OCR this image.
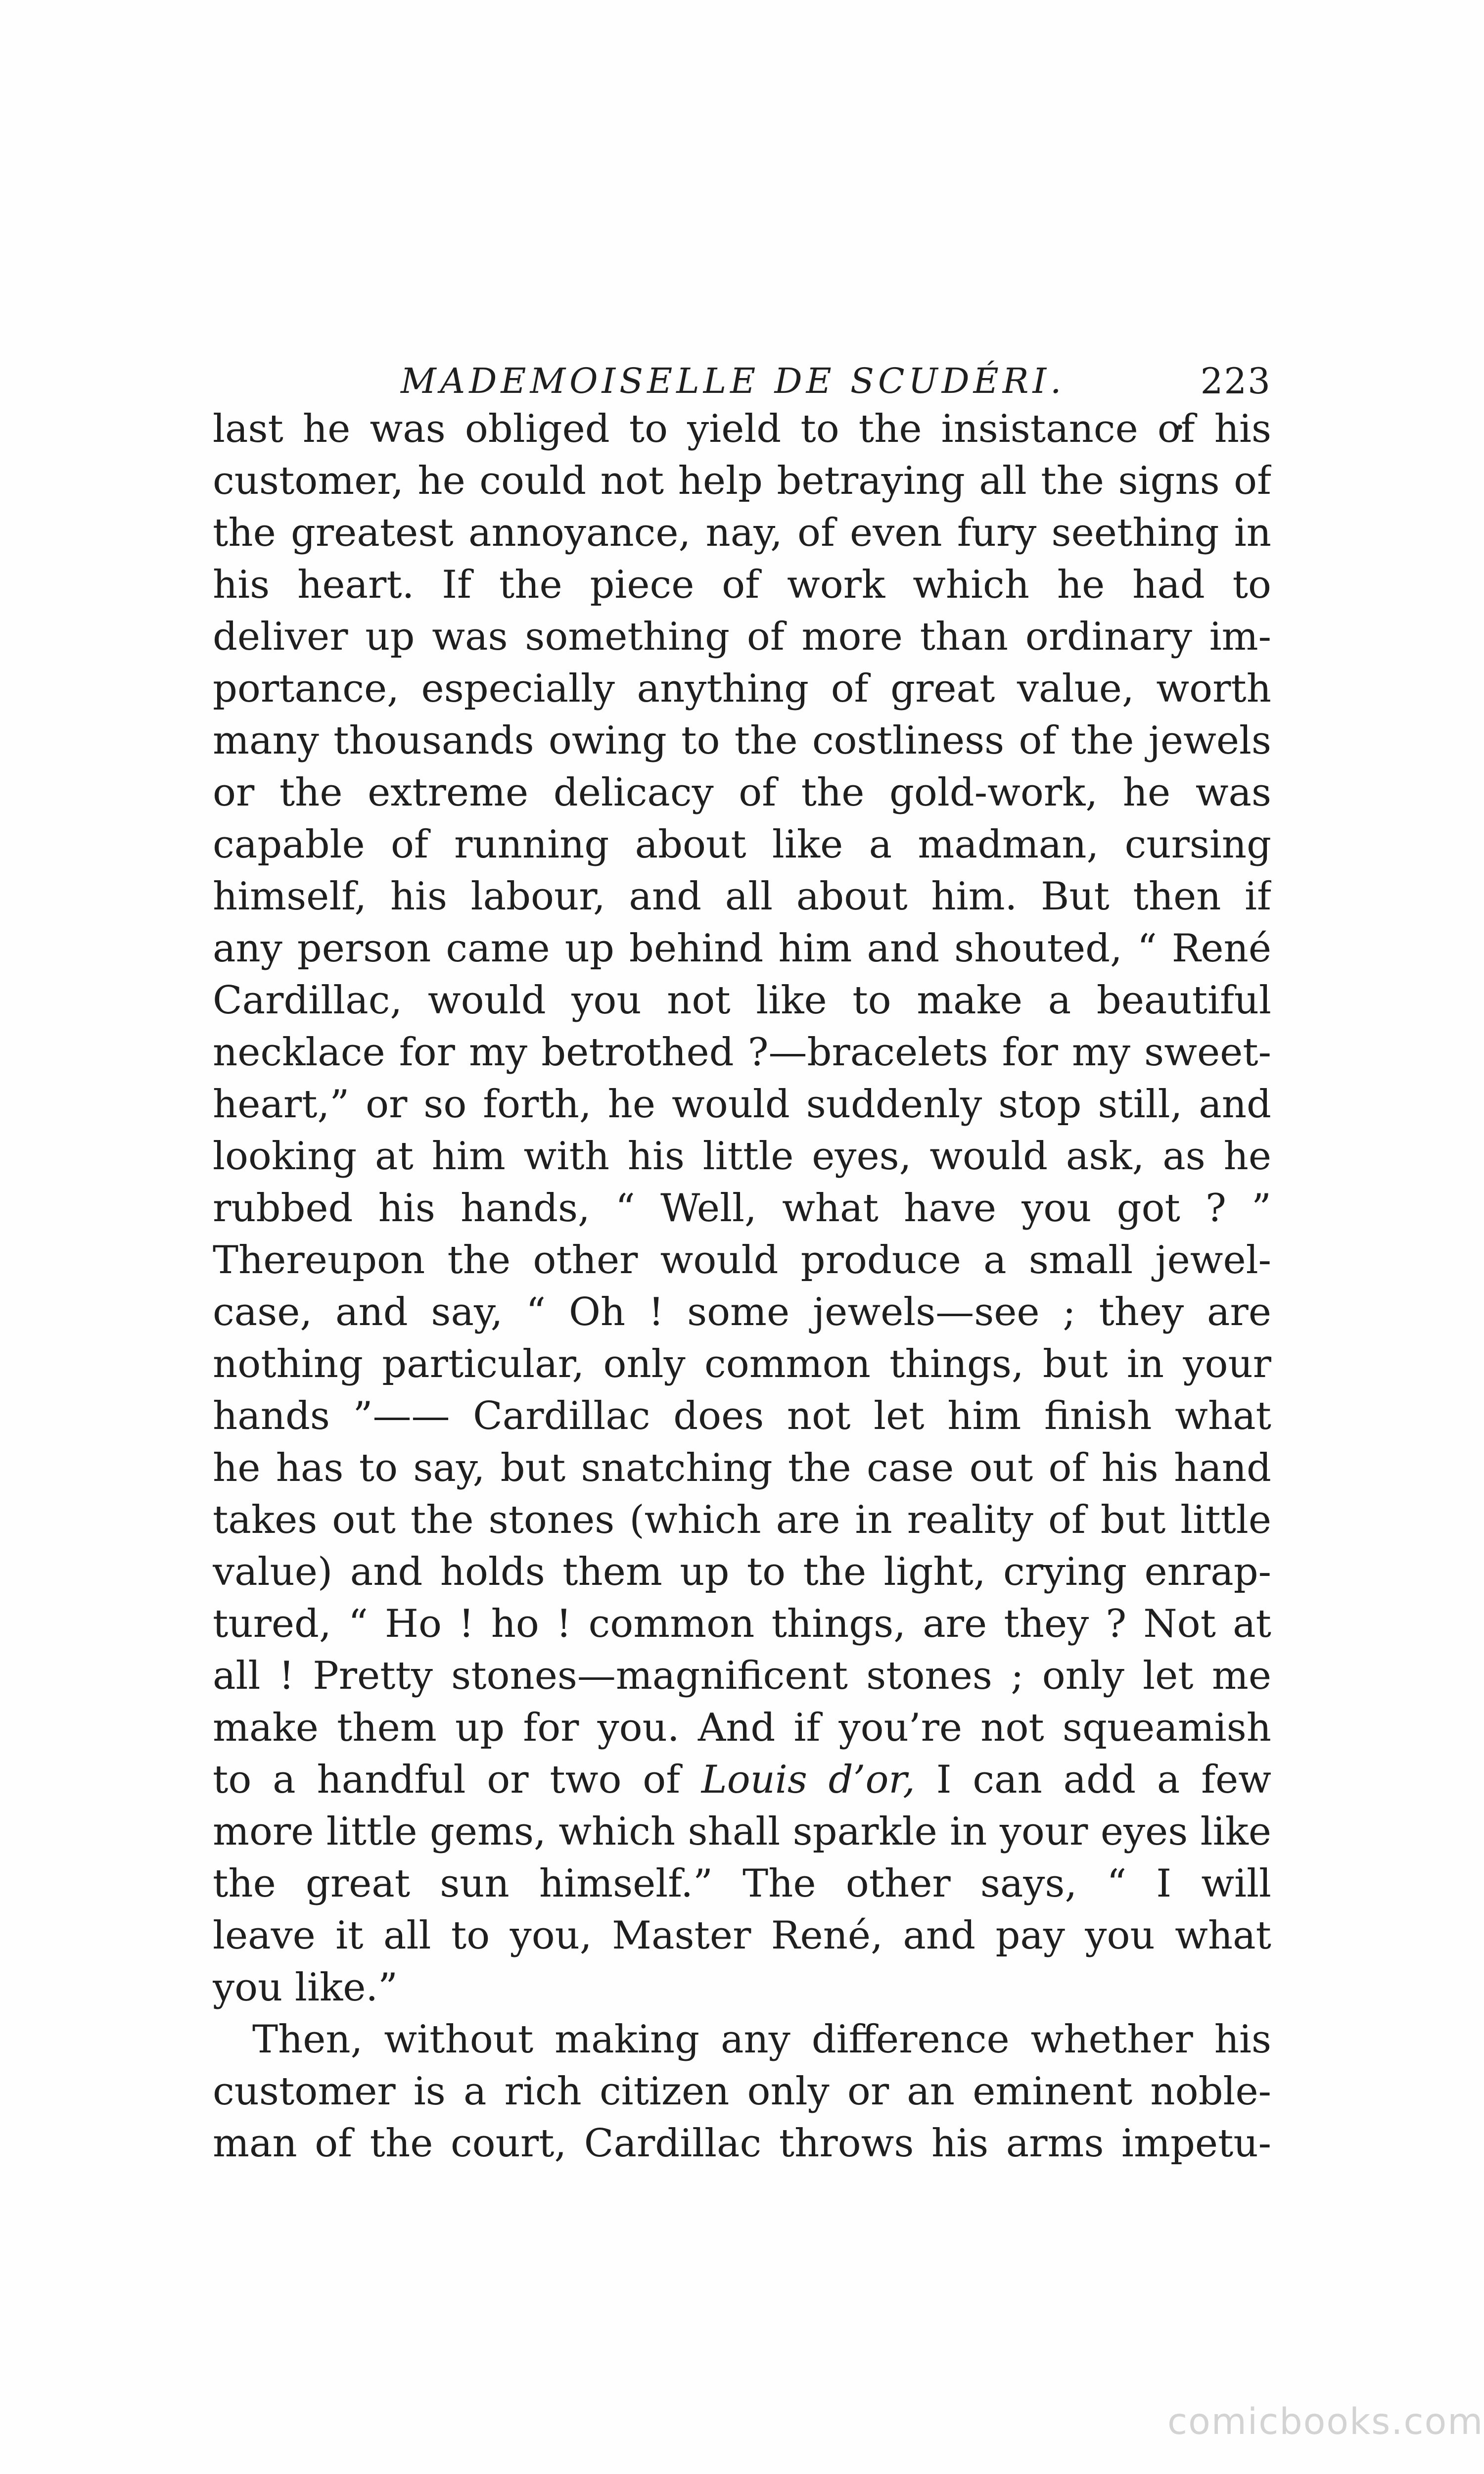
MADEMOISELLE DE SCUDÉRI.	223
last he was obliged to yield to the insistance of his
customer, he could not help betraying all the signs of
the greatest annoyance, nay, of even fury seething in
his heart. If the piece of work which he had to
deliver up was something of more than ordinary im-
portance, especially anything of great value, worth
many thousands owing to the costliness of the jewels
or the extreme delicacy of the gold-work, he was
capable of running about like a madman, cursing
himself, his labour, and all about him. But then if
any person came up behind him and shouted, “ René
Cardillac, would you not like to make a beautiful
necklace for my betrothed ?—bracelets for my sweet-
heart,” or so forth, he would suddenly stop still, and
looking at him with his little eyes, would ask, as he
rubbed his hands, “ Well, what have you got ? ”
Thereupon the other would produce a small jewel-
case, and say, “ Oh ! some jewels—see ; they are
nothing particular, only common things, but in your
hands ”—— Cardillac does not let him finish what
he has to say, but snatching the case out of his hand
takes out the stones (which are in reality of but little
value) and holds them up to the light, crying enrap-
tured, “ Ho ! ho ! common things, are they ? Not at
all ! Pretty stones—magnificent stones ; only let me
make them up for you. And if you’re not squeamish
to a handful or two of Louis d’or, I can add a few
more little gems, which shall sparkle in your eyes like
the great sun himself.” The other says, “ I will
leave it all to you, Master René, and pay you what
you like.”
Then, without making any difference whether his
customer is a rich citizen only or an eminent noble-
man of the court, Cardillac throws his arms impetu-
comicbooks.com
